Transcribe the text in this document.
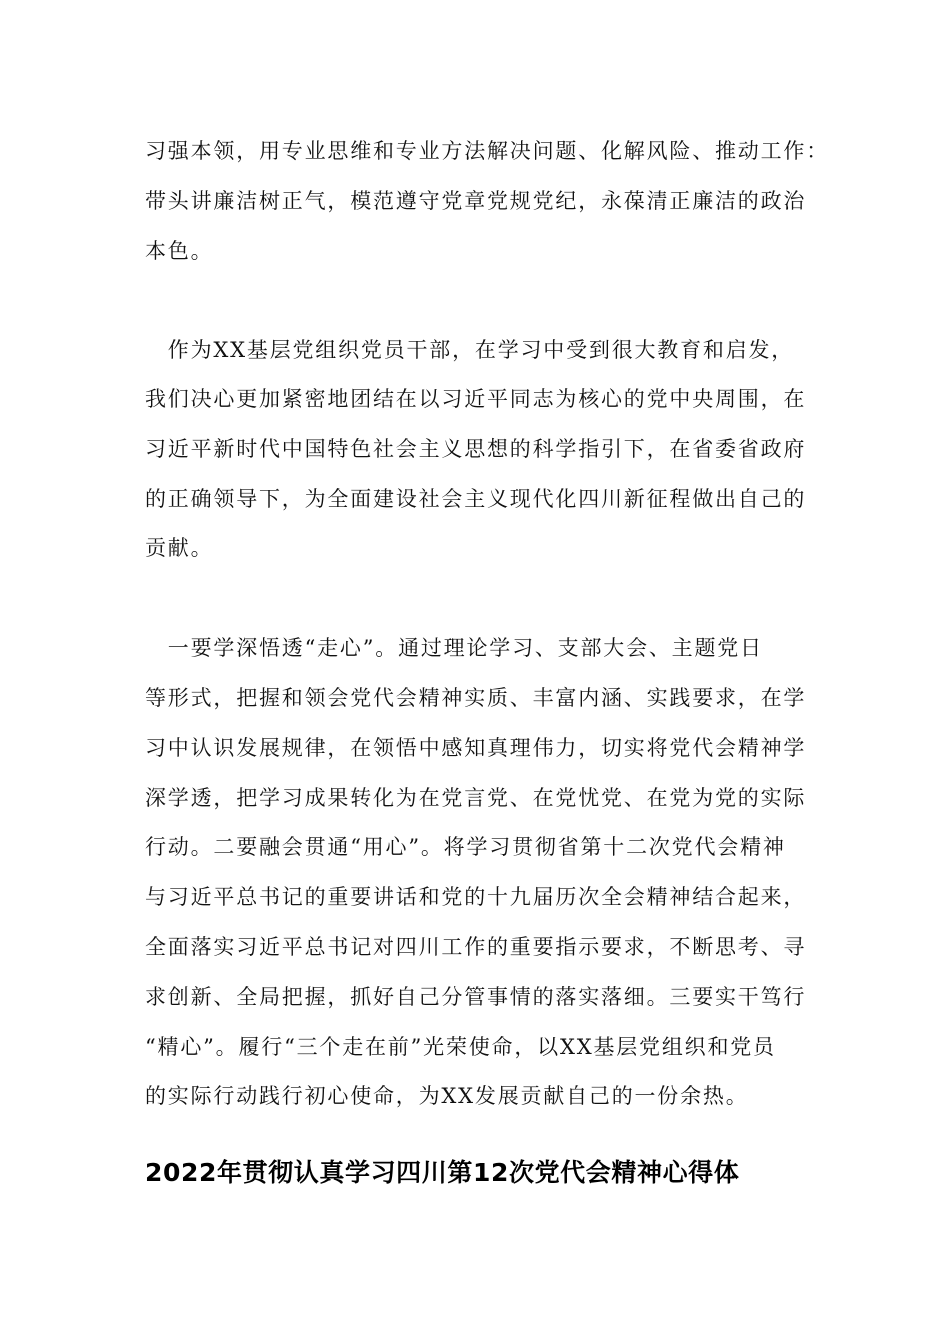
习强本领，用专业思维和专业方法解决问题、化解风险、推动工作：
带头讲廉洁树正气，模范遵守党章党规党纪，永葆清正廉洁的政治
本色。
　作为XX基层党组织党员干部，在学习中受到很大教育和启发，
我们决心更加紧密地团结在以习近平同志为核心的党中央周围，在
习近平新时代中国特色社会主义思想的科学指引下，在省委省政府
的正确领导下，为全面建设社会主义现代化四川新征程做出自己的
贡献。
　一要学深悟透“走心”。通过理论学习、支部大会、主题党日
等形式，把握和领会党代会精神实质、丰富内涵、实践要求，在学
习中认识发展规律，在领悟中感知真理伟力，切实将党代会精神学
深学透，把学习成果转化为在党言党、在党忧党、在党为党的实际
行动。二要融会贯通“用心”。将学习贯彻省第十二次党代会精神
与习近平总书记的重要讲话和党的十九届历次全会精神结合起来，
全面落实习近平总书记对四川工作的重要指示要求，不断思考、寻
求创新、全局把握，抓好自己分管事情的落实落细。三要实干笃行
“精心”。履行“三个走在前”光荣使命，以XX基层党组织和党员
的实际行动践行初心使命，为XX发展贡献自己的一份余热。
2022年贯彻认真学习四川第12次党代会精神心得体
